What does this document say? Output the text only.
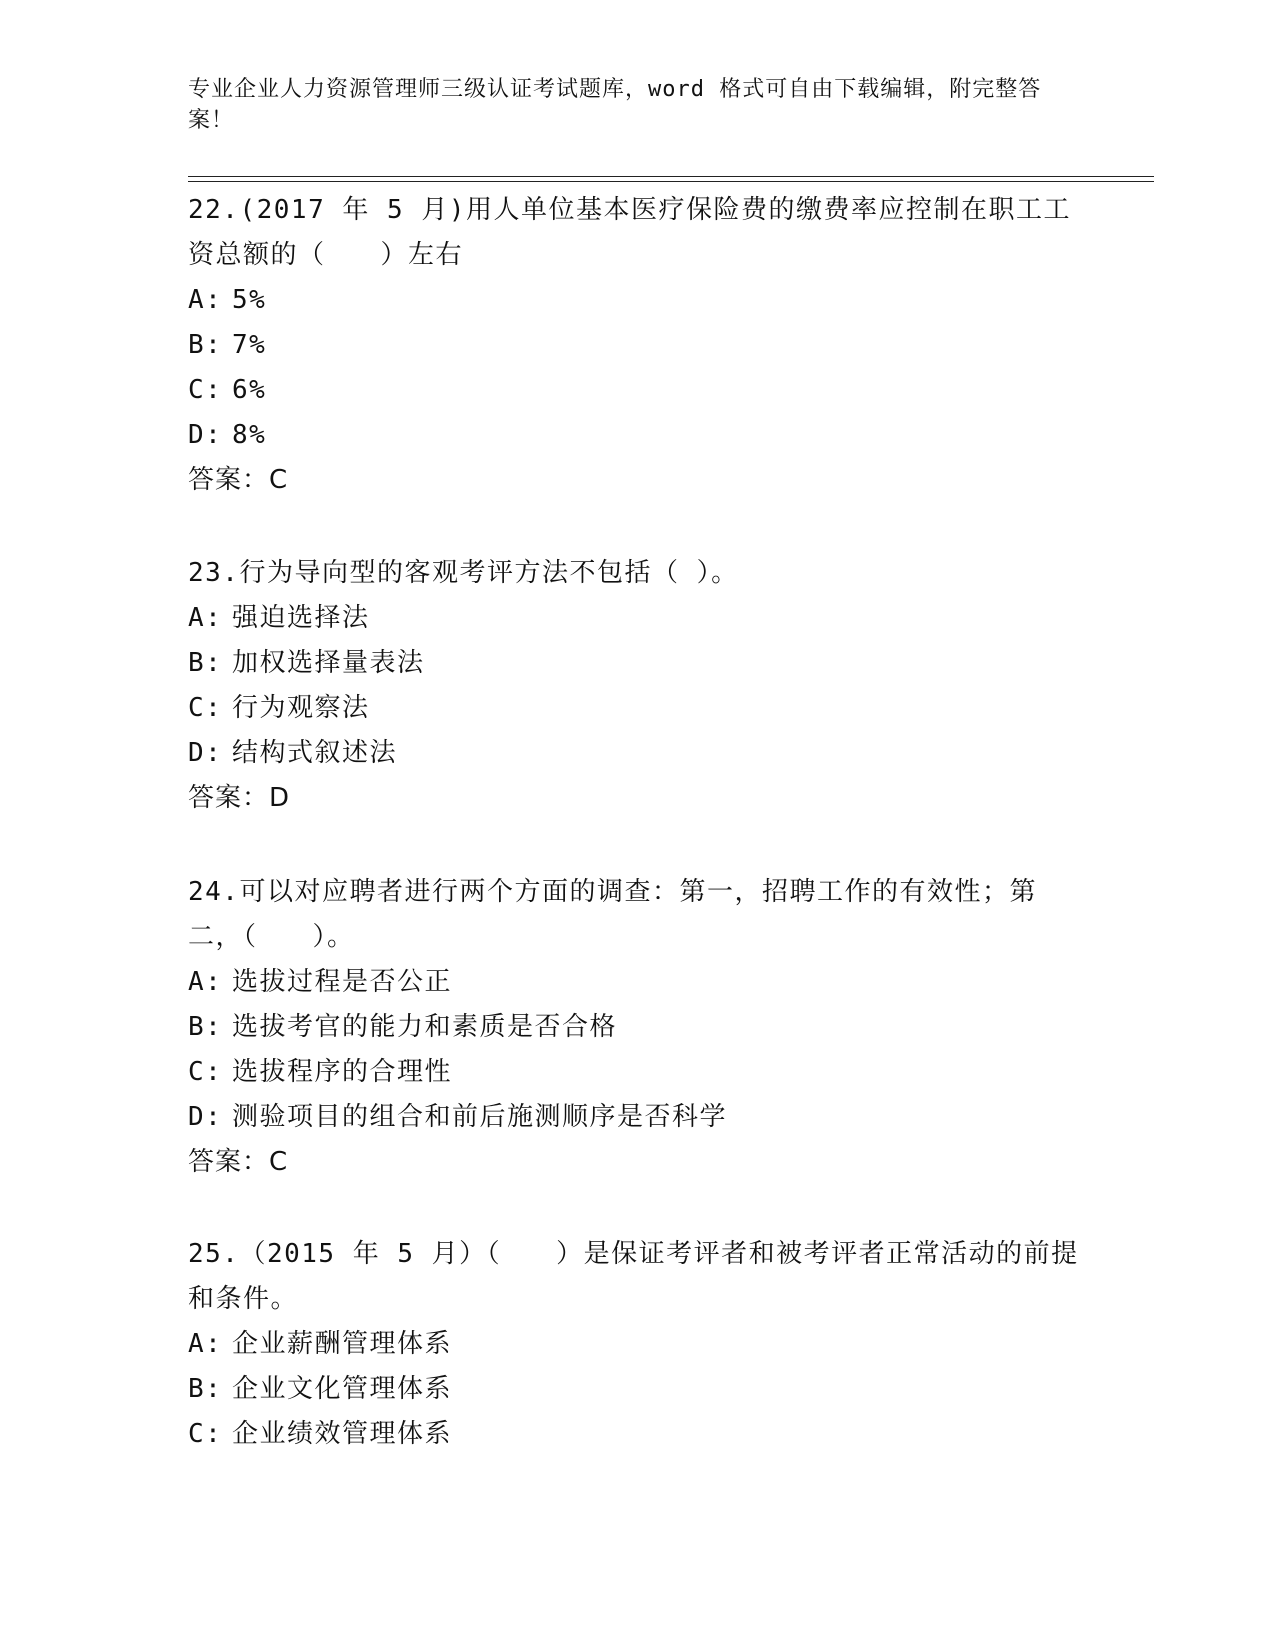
专业企业人力资源管理师三级认证考试题库，word 格式可自由下载编辑，附完整答案！
22.(2017 年 5 月)用人单位基本医疗保险费的缴费率应控制在职工工资总额的（　　）左右
A: 5%
B: 7%
C: 6%
D: 8%
答案：C
23.行为导向型的客观考评方法不包括（ ）。
A: 强迫选择法
B: 加权选择量表法
C: 行为观察法
D: 结构式叙述法
答案：D
24.可以对应聘者进行两个方面的调查：第一，招聘工作的有效性；第二，（　　）。
A: 选拔过程是否公正
B: 选拔考官的能力和素质是否合格
C: 选拔程序的合理性
D: 测验项目的组合和前后施测顺序是否科学
答案：C
25.（2015 年 5 月）（　　）是保证考评者和被考评者正常活动的前提和条件。
A: 企业薪酬管理体系
B: 企业文化管理体系
C: 企业绩效管理体系
